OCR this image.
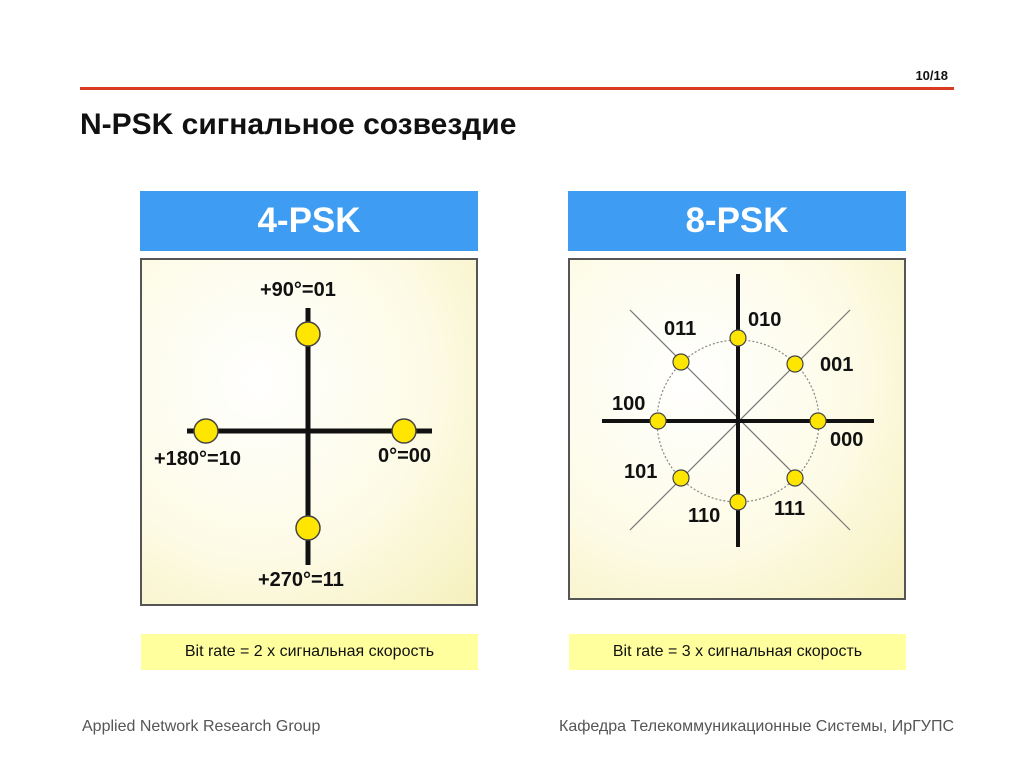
10/18
N-PSK сигнальное созвездие
4-PSK
+90°=01
+180°=10	0°=00
+270°=11
Bit rate = 2 х сигнальная скорость
8-PSK
011	010
001
100
000
101
110	111
Bit rate = 3 х сигнальная скорость
Applied Network Research Group	Кафедра Телекоммуникационные Системы, ИрГУПС
